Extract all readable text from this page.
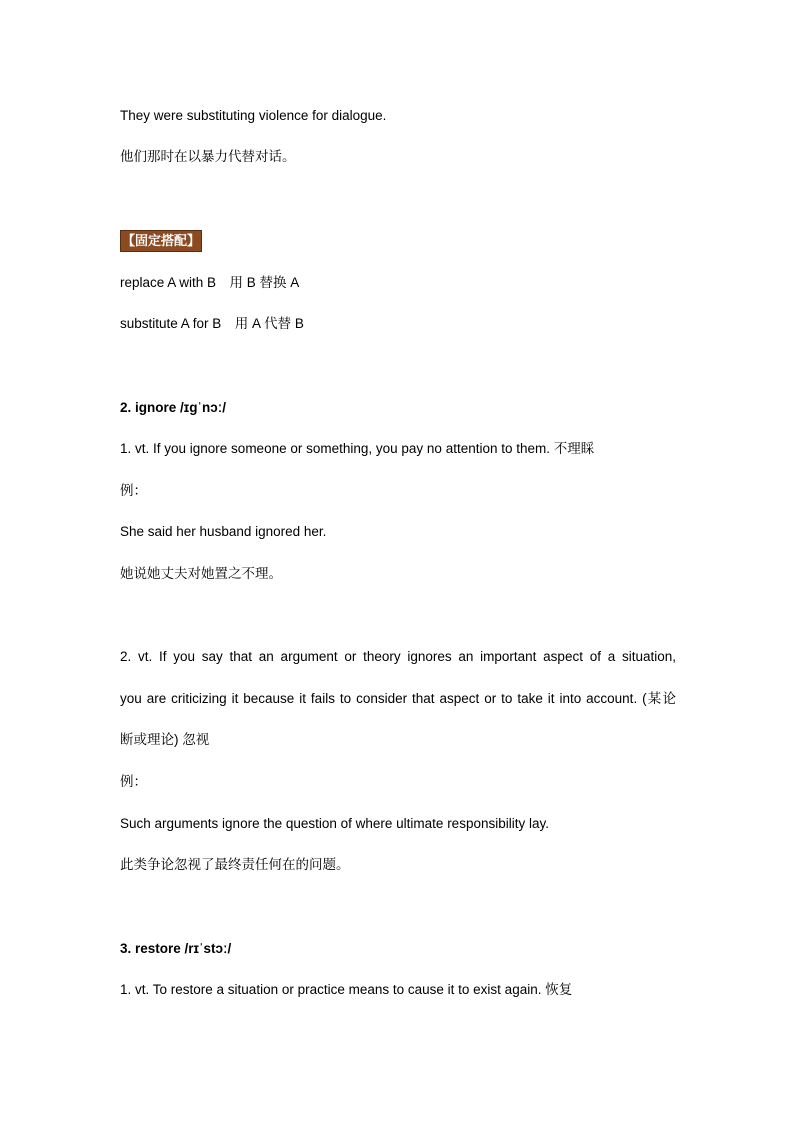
They were substituting violence for dialogue.
他们那时在以暴力代替对话。
【固定搭配】
replace A with B　用 B 替换 A
substitute A for B　用 A 代替 B
2. ignore /ɪɡˈnɔː/
1. vt. If you ignore someone or something, you pay no attention to them. 不理睬
例：
She said her husband ignored her.
她说她丈夫对她置之不理。
2. vt. If you say that an argument or theory ignores an important aspect of a situation,
you are criticizing it because it fails to consider that aspect or to take it into account. (某论
断或理论) 忽视
例：
Such arguments ignore the question of where ultimate responsibility lay.
此类争论忽视了最终责任何在的问题。
3. restore /rɪˈstɔː/
1. vt. To restore a situation or practice means to cause it to exist again. 恢复
